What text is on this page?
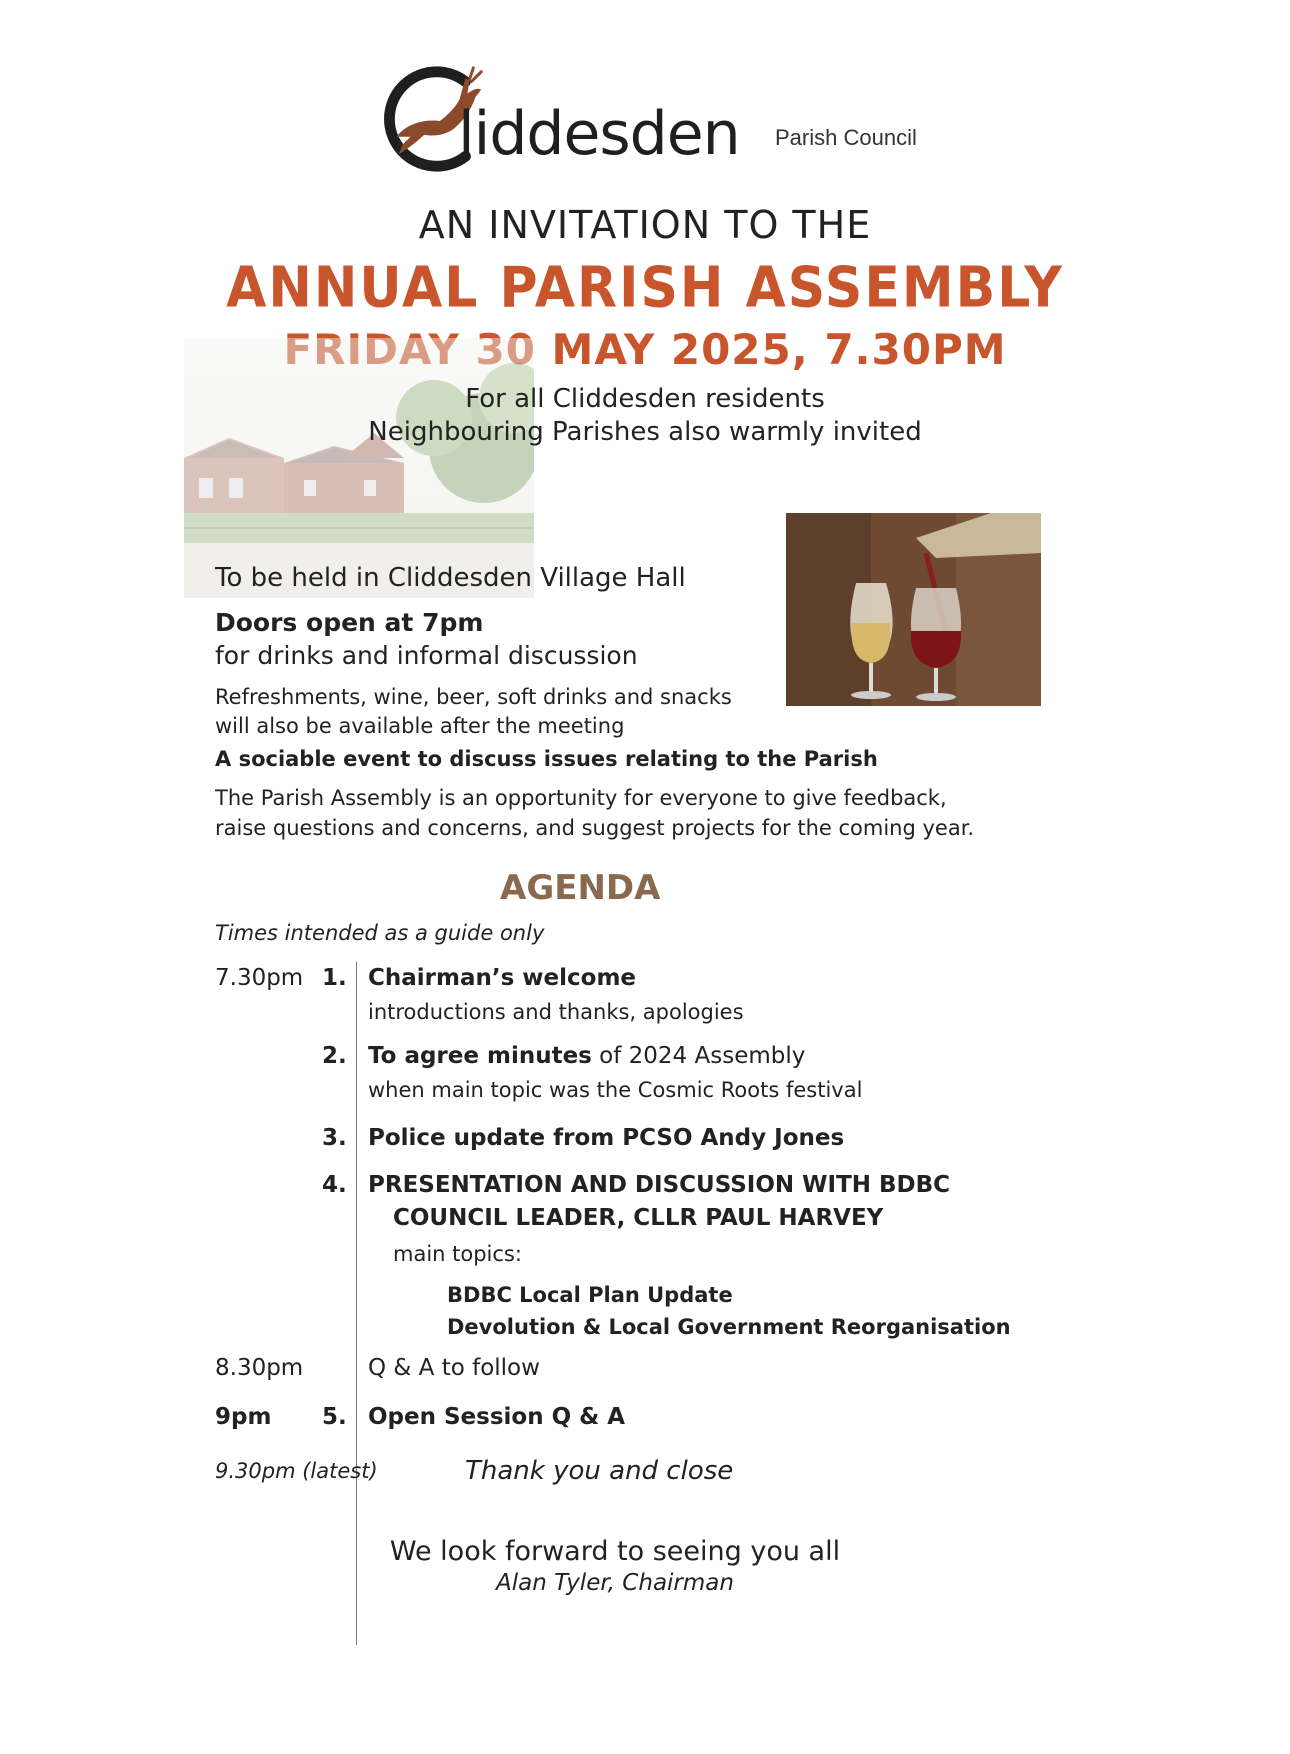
liddesden Parish Council
AN INVITATION TO THE
ANNUAL PARISH ASSEMBLY
FRIDAY 30 MAY 2025, 7.30PM
For all Cliddesden residents
Neighbouring Parishes also warmly invited
To be held in Cliddesden Village Hall
Doors open at 7pm
for drinks and informal discussion
Refreshments, wine, beer, soft drinks and snacks
will also be available after the meeting
A sociable event to discuss issues relating to the Parish
The Parish Assembly is an opportunity for everyone to give feedback,
raise questions and concerns, and suggest projects for the coming year.
AGENDA
Times intended as a guide only
7.30pm 1. Chairman’s welcome
introductions and thanks, apologies
2. To agree minutes of 2024 Assembly
when main topic was the Cosmic Roots festival
3. Police update from PCSO Andy Jones
4. PRESENTATION AND DISCUSSION WITH BDBC
COUNCIL LEADER, CLLR PAUL HARVEY
main topics:
BDBC Local Plan Update
Devolution & Local Government Reorganisation
8.30pm	Q & A to follow
9pm 5. Open Session Q & A
9.30pm (latest)	Thank you and close
We look forward to seeing you all
Alan Tyler, Chairman
